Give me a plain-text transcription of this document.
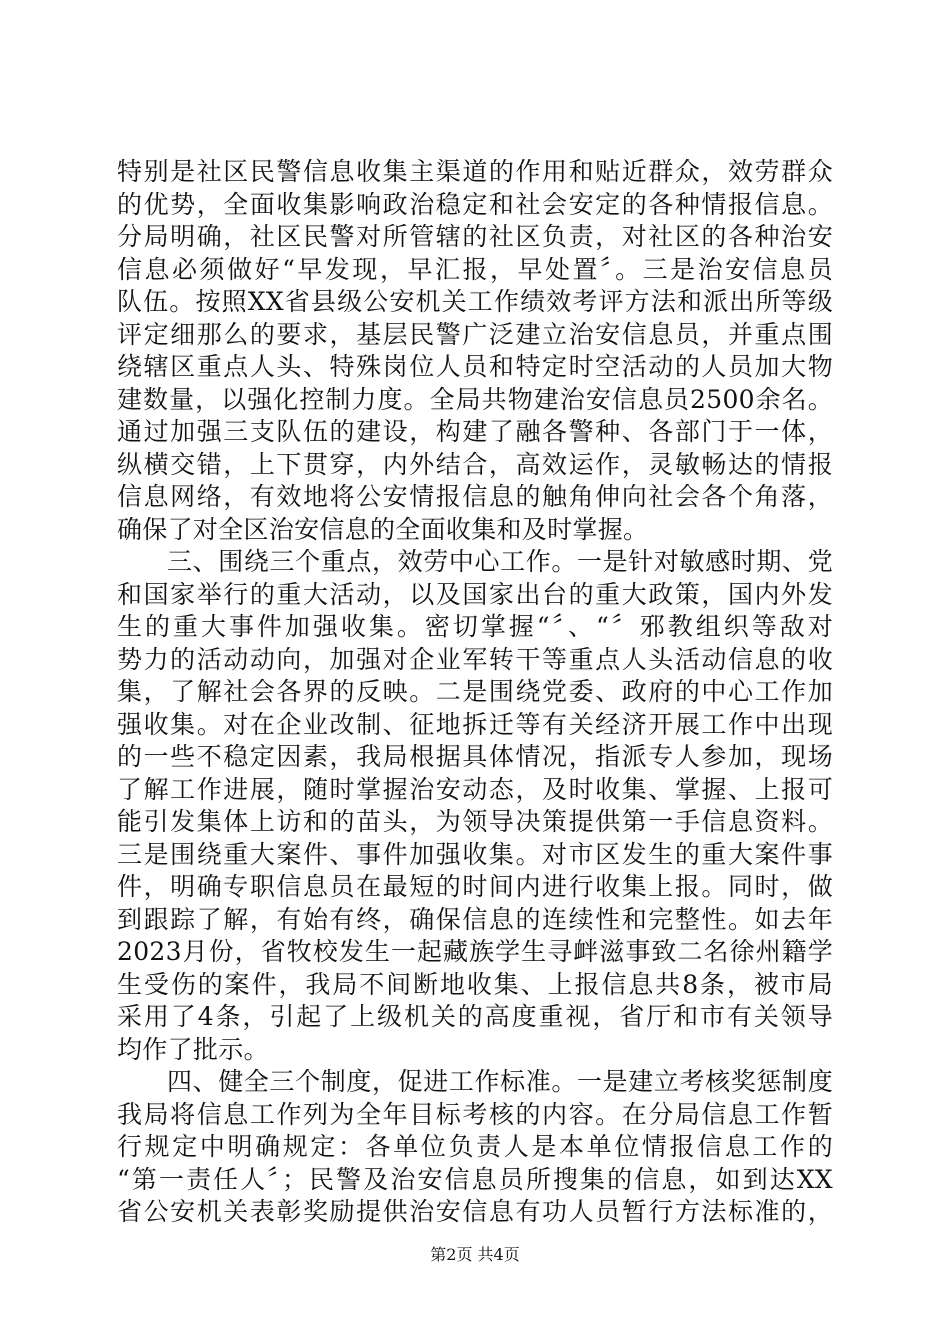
特别是社区民警信息收集主渠道的作用和贴近群众，效劳群众
的优势，全面收集影响政治稳定和社会安定的各种情报信息。
分局明确，社区民警对所管辖的社区负责，对社区的各种治安
信息必须做好“早发现，早汇报，早处置〞。三是治安信息员
队伍。按照XX省县级公安机关工作绩效考评方法和派出所等级
评定细那么的要求，基层民警广泛建立治安信息员，并重点围
绕辖区重点人头、特殊岗位人员和特定时空活动的人员加大物
建数量，以强化控制力度。全局共物建治安信息员2500余名。
通过加强三支队伍的建设，构建了融各警种、各部门于一体，
纵横交错，上下贯穿，内外结合，高效运作，灵敏畅达的情报
信息网络，有效地将公安情报信息的触角伸向社会各个角落，
确保了对全区治安信息的全面收集和及时掌握。
三、围绕三个重点，效劳中心工作。一是针对敏感时期、党
和国家举行的重大活动，以及国家出台的重大政策，国内外发
生的重大事件加强收集。密切掌握“〞、“〞邪教组织等敌对
势力的活动动向，加强对企业军转干等重点人头活动信息的收
集，了解社会各界的反映。二是围绕党委、政府的中心工作加
强收集。对在企业改制、征地拆迁等有关经济开展工作中出现
的一些不稳定因素，我局根据具体情况，指派专人参加，现场
了解工作进展，随时掌握治安动态，及时收集、掌握、上报可
能引发集体上访和的苗头，为领导决策提供第一手信息资料。
三是围绕重大案件、事件加强收集。对市区发生的重大案件事
件，明确专职信息员在最短的时间内进行收集上报。同时，做
到跟踪了解，有始有终，确保信息的连续性和完整性。如去年
2023月份，省牧校发生一起藏族学生寻衅滋事致二名徐州籍学
生受伤的案件，我局不间断地收集、上报信息共8条，被市局
采用了4条，引起了上级机关的高度重视，省厅和市有关领导
均作了批示。
四、健全三个制度，促进工作标准。一是建立考核奖惩制度
我局将信息工作列为全年目标考核的内容。在分局信息工作暂
行规定中明确规定：各单位负责人是本单位情报信息工作的
“第一责任人〞；民警及治安信息员所搜集的信息，如到达XX
省公安机关表彰奖励提供治安信息有功人员暂行方法标准的，
第2页 共4页
